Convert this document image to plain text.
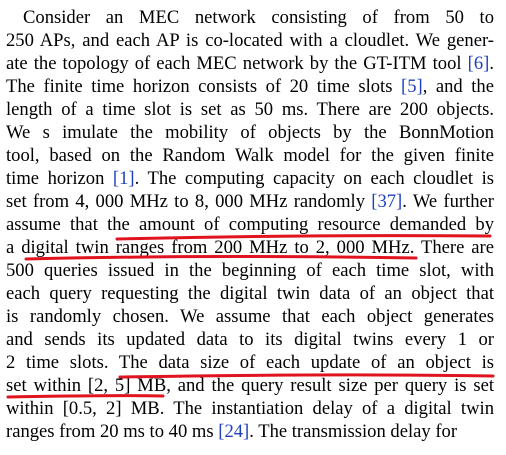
Consider an MEC network consisting of from 50 to
250 APs, and each AP is co-located with a cloudlet. We gener-
ate the topology of each MEC network by the GT-ITM tool [6].
The finite time horizon consists of 20 time slots [5], and the
length of a time slot is set as 50 ms. There are 200 objects.
We s imulate the mobility of objects by the BonnMotion
tool, based on the Random Walk model for the given finite
time horizon [1]. The computing capacity on each cloudlet is
set from 4, 000 MHz to 8, 000 MHz randomly [37]. We further
assume that the amount of computing resource demanded by
a digital twin ranges from 200 MHz to 2, 000 MHz. There are
500 queries issued in the beginning of each time slot, with
each query requesting the digital twin data of an object that
is randomly chosen. We assume that each object generates
and sends its updated data to its digital twins every 1 or
2 time slots. The data size of each update of an object is
set within [2, 5] MB, and the query result size per query is set
within [0.5, 2] MB. The instantiation delay of a digital twin
ranges from 20 ms to 40 ms [24]. The transmission delay for
